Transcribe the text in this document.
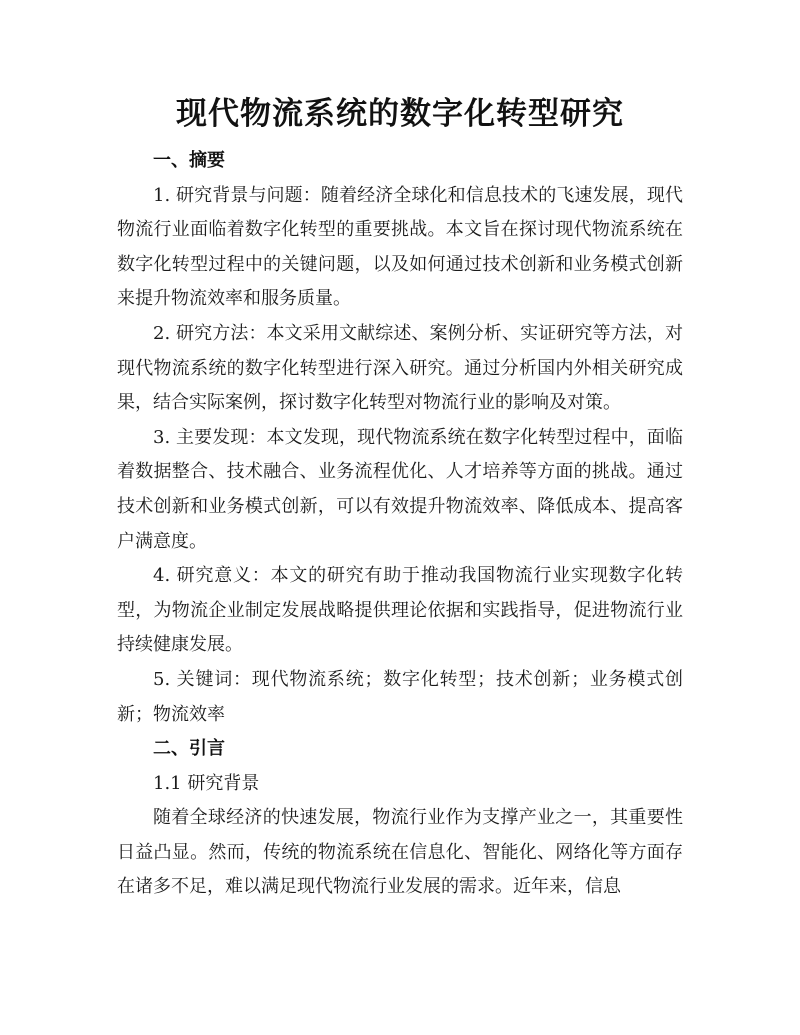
现代物流系统的数字化转型研究

一、摘要

1. 研究背景与问题：随着经济全球化和信息技术的飞速发展，现代物流行业面临着数字化转型的重要挑战。本文旨在探讨现代物流系统在数字化转型过程中的关键问题，以及如何通过技术创新和业务模式创新来提升物流效率和服务质量。

2. 研究方法：本文采用文献综述、案例分析、实证研究等方法，对现代物流系统的数字化转型进行深入研究。通过分析国内外相关研究成果，结合实际案例，探讨数字化转型对物流行业的影响及对策。

3. 主要发现：本文发现，现代物流系统在数字化转型过程中，面临着数据整合、技术融合、业务流程优化、人才培养等方面的挑战。通过技术创新和业务模式创新，可以有效提升物流效率、降低成本、提高客户满意度。

4. 研究意义：本文的研究有助于推动我国物流行业实现数字化转型，为物流企业制定发展战略提供理论依据和实践指导，促进物流行业持续健康发展。

5. 关键词：现代物流系统；数字化转型；技术创新；业务模式创新；物流效率

二、引言

1.1 研究背景

随着全球经济的快速发展，物流行业作为支撑产业之一，其重要性日益凸显。然而，传统的物流系统在信息化、智能化、网络化等方面存在诸多不足，难以满足现代物流行业发展的需求。近年来，信息
